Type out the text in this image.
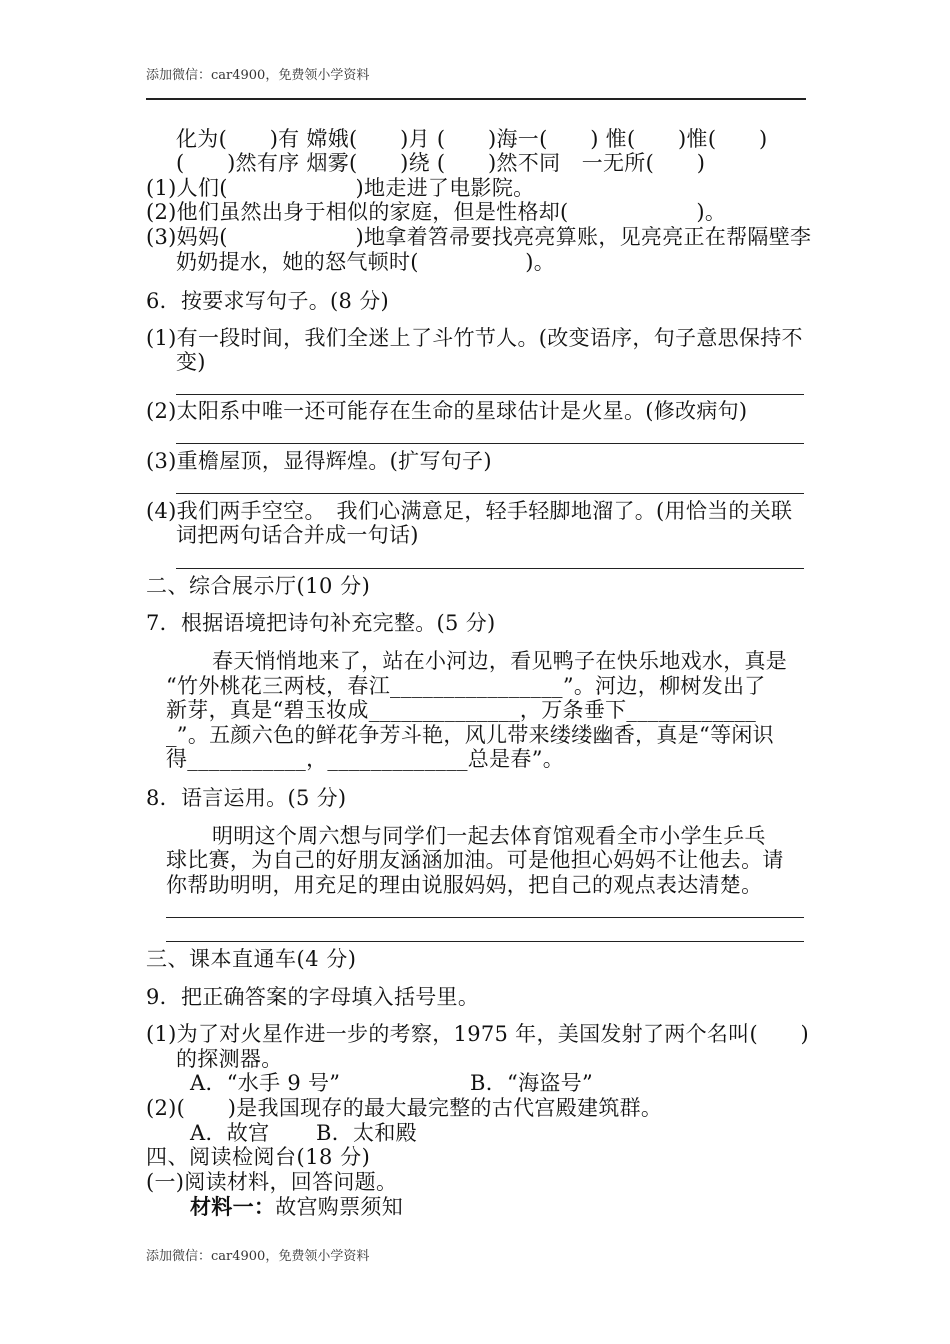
添加微信：car4900，免费领小学资料
化为(　　)有 嫦娥(　　)月 (　　)海一(　　) 惟(　　)惟(　　)
(　　)然有序 烟雾(　　)绕 (　　)然不同　一无所(　　)
(1)人们(　　　　　　)地走进了电影院。
(2)他们虽然出身于相似的家庭，但是性格却(　　　　　　)。
(3)妈妈(　　　　　　)地拿着笤帚要找亮亮算账，见亮亮正在帮隔壁李
奶奶提水，她的怒气顿时(　　　　　)。
6．按要求写句子。(8 分)
(1)有一段时间，我们全迷上了斗竹节人。(改变语序，句子意思保持不
变)
(2)太阳系中唯一还可能存在生命的星球估计是火星。(修改病句)
(3)重檐屋顶，显得辉煌。(扩写句子)
(4)我们两手空空。　我们心满意足，轻手轻脚地溜了。(用恰当的关联
词把两句话合并成一句话)
二、综合展示厅(10 分)
7．根据语境把诗句补充完整。(5 分)
春天悄悄地来了，站在小河边，看见鸭子在快乐地戏水，真是
“竹外桃花三两枝，春江________________”。河边，柳树发出了
新芽，真是“碧玉妆成______________，万条垂下____________
_”。五颜六色的鲜花争芳斗艳，风儿带来缕缕幽香，真是“等闲识
得___________，_____________总是春”。
8．语言运用。(5 分)
明明这个周六想与同学们一起去体育馆观看全市小学生乒乓
球比赛，为自己的好朋友涵涵加油。可是他担心妈妈不让他去。请
你帮助明明，用充足的理由说服妈妈，把自己的观点表达清楚。
三、课本直通车(4 分)
9．把正确答案的字母填入括号里。
(1)为了对火星作进一步的考察，1975 年，美国发射了两个名叫(　　)
的探测器。
A．“水手 9 号”	B．“海盗号”
(2)(　　)是我国现存的最大最完整的古代宫殿建筑群。
A．故宫 B．太和殿
四、阅读检阅台(18 分)
(一)阅读材料，回答问题。
材料一：故宫购票须知
添加微信：car4900，免费领小学资料
